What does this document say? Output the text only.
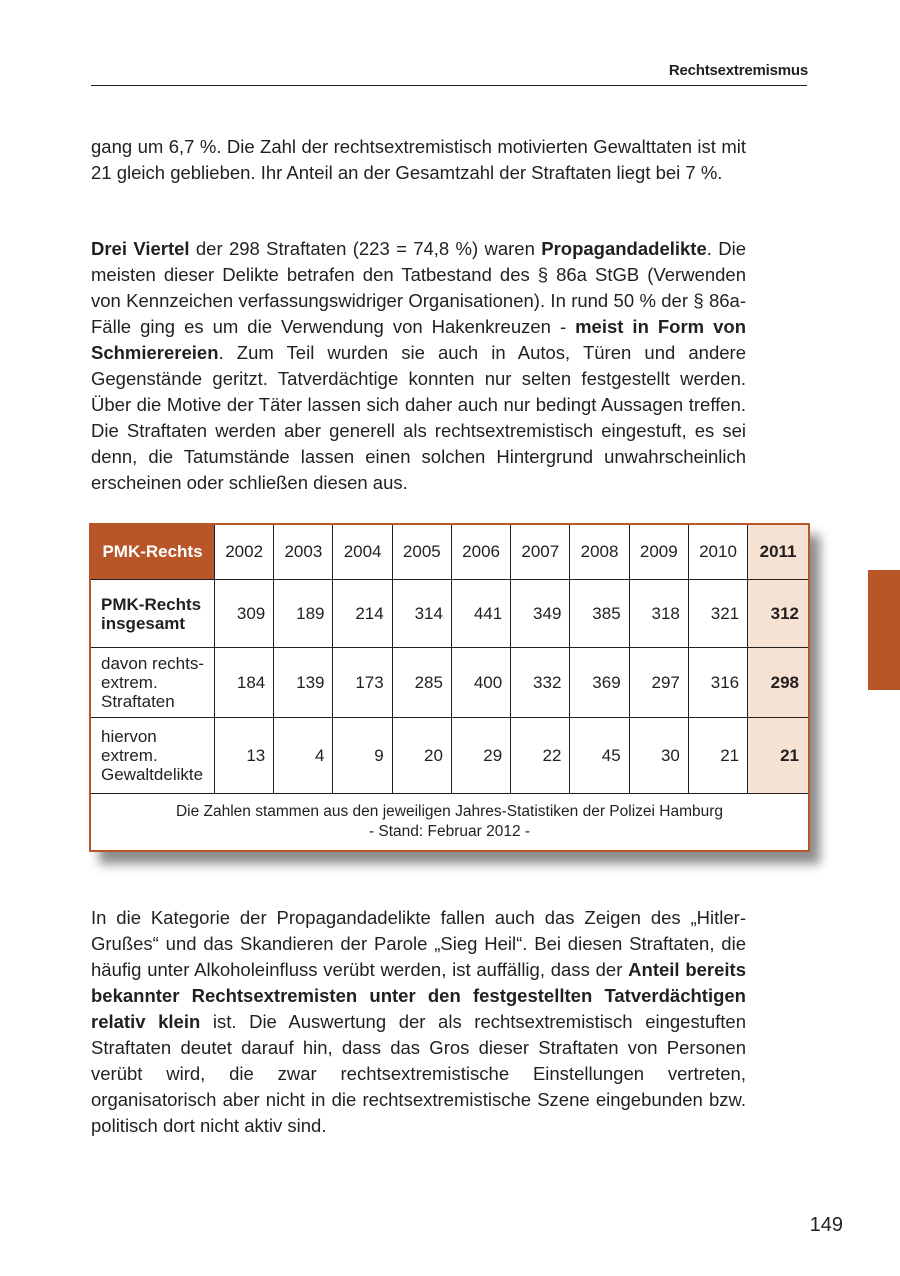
Rechtsextremismus

gang um 6,7 %. Die Zahl der rechtsextremistisch motivierten Gewalttaten ist mit 21 gleich geblieben. Ihr Anteil an der Gesamtzahl der Straftaten liegt bei 7 %.

Drei Viertel der 298 Straftaten (223 = 74,8 %) waren Propagandadelikte. Die meisten dieser Delikte betrafen den Tatbestand des § 86a StGB (Verwenden von Kennzeichen verfassungswidriger Organisationen). In rund 50 % der § 86a-Fälle ging es um die Verwendung von Hakenkreuzen - meist in Form von Schmierereien. Zum Teil wurden sie auch in Autos, Türen und andere Gegenstände geritzt. Tatverdächtige konnten nur selten festgestellt werden. Über die Motive der Täter lassen sich daher auch nur bedingt Aussagen treffen. Die Straftaten werden aber generell als rechtsextremistisch eingestuft, es sei denn, die Tatumstände lassen einen solchen Hintergrund unwahrscheinlich erscheinen oder schließen diesen aus.

PMK-Rechts	2002	2003	2004	2005	2006	2007	2008	2009	2010	2011
PMK-Rechts insgesamt	309	189	214	314	441	349	385	318	321	312
davon rechts-extrem. Straftaten	184	139	173	285	400	332	369	297	316	298
hiervon extrem. Gewaltdelikte	13	4	9	20	29	22	45	30	21	21

Die Zahlen stammen aus den jeweiligen Jahres-Statistiken der Polizei Hamburg
- Stand: Februar 2012 -										

In die Kategorie der Propagandadelikte fallen auch das Zeigen des „Hitler-Grußes“ und das Skandieren der Parole „Sieg Heil“. Bei diesen Straftaten, die häufig unter Alkoholeinfluss verübt werden, ist auffällig, dass der Anteil bereits bekannter Rechtsextremisten unter den festgestellten Tatverdächtigen relativ klein ist. Die Auswertung der als rechtsextremistisch eingestuften Straftaten deutet darauf hin, dass das Gros dieser Straftaten von Personen verübt wird, die zwar rechtsextremistische Einstellungen vertreten, organisatorisch aber nicht in die rechtsextremistische Szene eingebunden bzw. politisch dort nicht aktiv sind.

149
